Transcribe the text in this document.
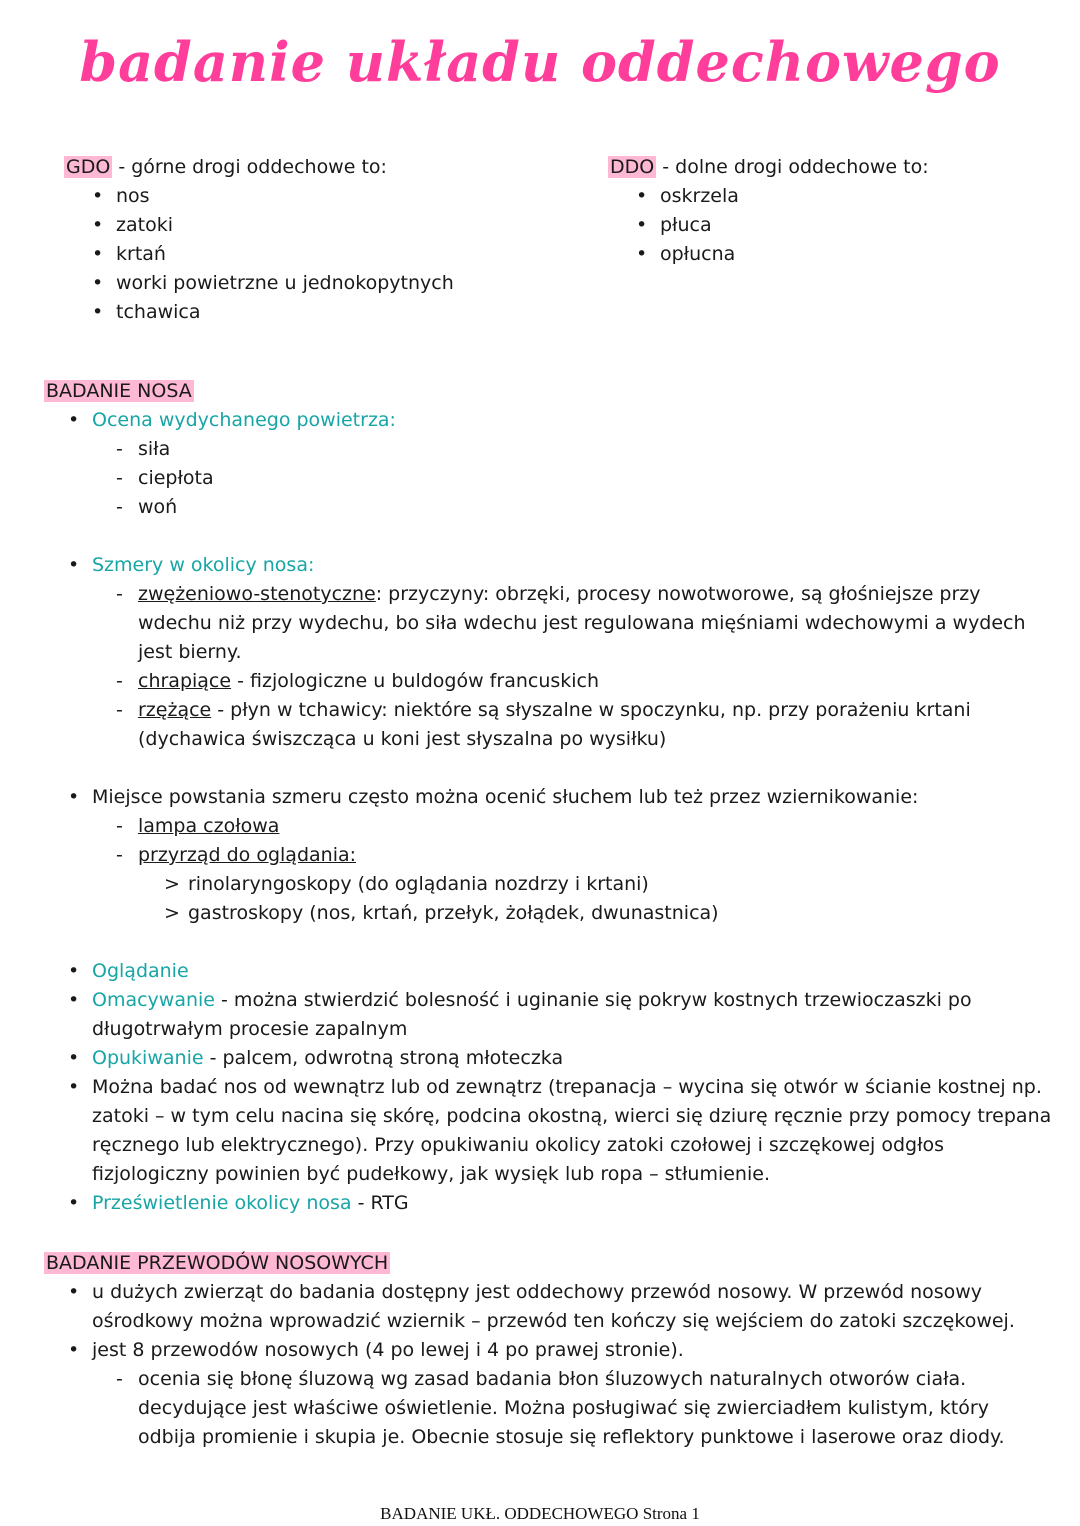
badanie układu oddechowego
GDO - górne drogi oddechowe to:
• nos
• zatoki
• krtań
• worki powietrzne u jednokopytnych
• tchawica
DDO - dolne drogi oddechowe to:
• oskrzela
• płuca
• opłucna
BADANIE NOSA
• Ocena wydychanego powietrza:
- siła
- ciepłota
- woń
• Szmery w okolicy nosa:
- zwężeniowo-stenotyczne: przyczyny: obrzęki, procesy nowotworowe, są głośniejsze przy wdechu niż przy wydechu, bo siła wdechu jest regulowana mięśniami wdechowymi a wydech jest bierny.
- chrapiące - fizjologiczne u buldogów francuskich
- rzężące - płyn w tchawicy: niektóre są słyszalne w spoczynku, np. przy porażeniu krtani (dychawica świszcząca u koni jest słyszalna po wysiłku)
• Miejsce powstania szmeru często można ocenić słuchem lub też przez wziernikowanie:
- lampa czołowa
- przyrząd do oglądania:
> rinolaryngoskopy (do oglądania nozdrzy i krtani)
> gastroskopy (nos, krtań, przełyk, żołądek, dwunastnica)
• Oglądanie
• Omacywanie - można stwierdzić bolesność i uginanie się pokryw kostnych trzewioczaszki po długotrwałym procesie zapalnym
• Opukiwanie - palcem, odwrotną stroną młoteczka
• Można badać nos od wewnątrz lub od zewnątrz (trepanacja – wycina się otwór w ścianie kostnej np. zatoki – w tym celu nacina się skórę, podcina okostną, wierci się dziurę ręcznie przy pomocy trepana ręcznego lub elektrycznego). Przy opukiwaniu okolicy zatoki czołowej i szczękowej odgłos fizjologiczny powinien być pudełkowy, jak wysięk lub ropa – stłumienie.
• Prześwietlenie okolicy nosa - RTG
BADANIE PRZEWODÓW NOSOWYCH
• u dużych zwierząt do badania dostępny jest oddechowy przewód nosowy. W przewód nosowy ośrodkowy można wprowadzić wziernik – przewód ten kończy się wejściem do zatoki szczękowej.
• jest 8 przewodów nosowych (4 po lewej i 4 po prawej stronie).
- ocenia się błonę śluzową wg zasad badania błon śluzowych naturalnych otworów ciała. decydujące jest właściwe oświetlenie. Można posługiwać się zwierciadłem kulistym, który odbija promienie i skupia je. Obecnie stosuje się reflektory punktowe i laserowe oraz diody.
BADANIE UKŁ. ODDECHOWEGO Strona 1
